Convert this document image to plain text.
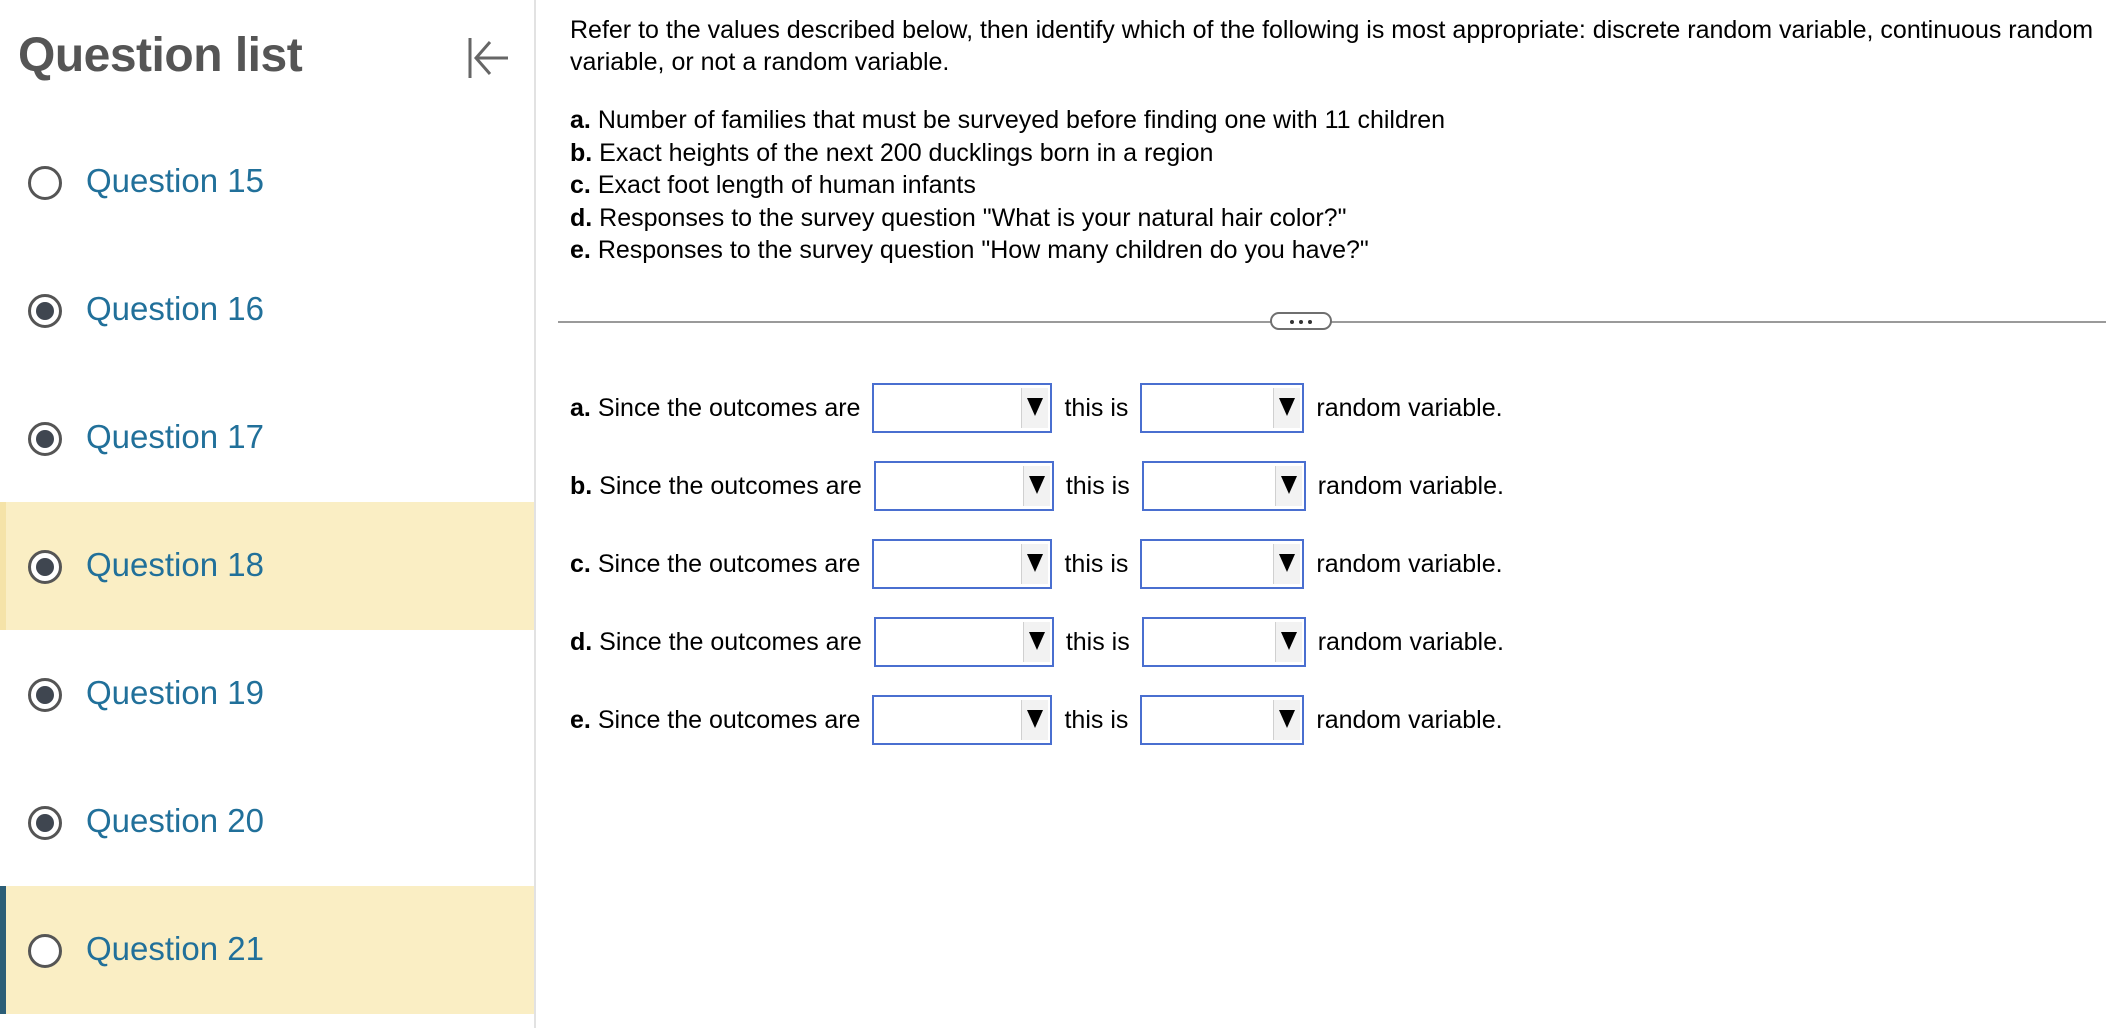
Question list
Question 15
Question 16
Question 17
Question 18
Question 19
Question 20
Question 21
Refer to the values described below, then identify which of the following is most appropriate: discrete random variable, continuous random variable, or not a random variable.
a. Number of families that must be surveyed before finding one with 11 children
b. Exact heights of the next 200 ducklings born in a region
c. Exact foot length of human infants
d. Responses to the survey question "What is your natural hair color?"
e. Responses to the survey question "How many children do you have?"
a. Since the outcomes are	this is	random variable.
b. Since the outcomes are	this is	random variable.
c. Since the outcomes are	this is	random variable.
d. Since the outcomes are	this is	random variable.
e. Since the outcomes are	this is	random variable.
